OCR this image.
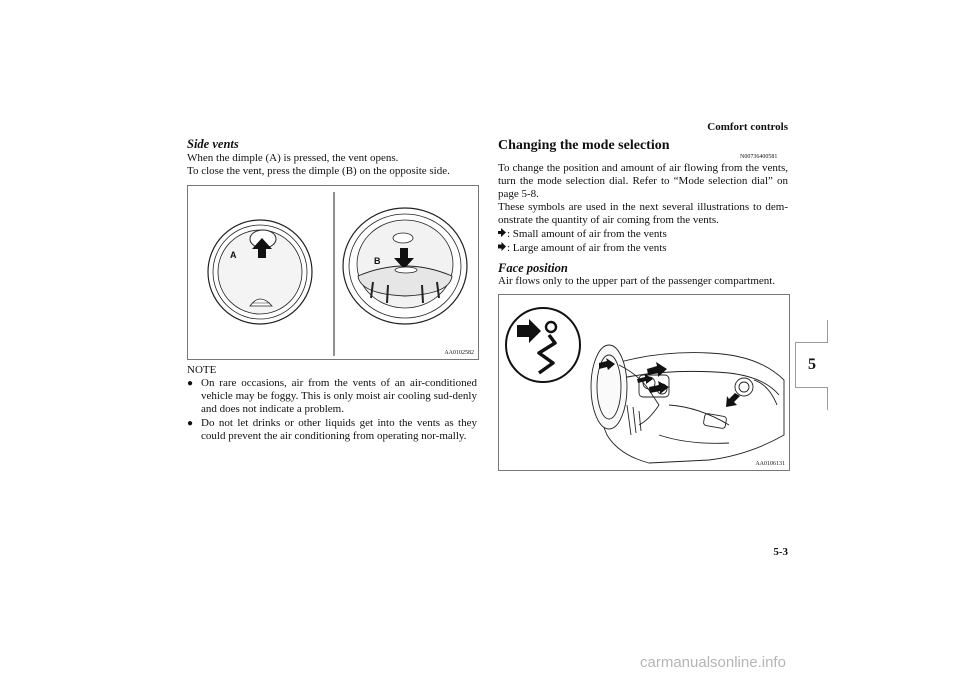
Comfort controls
5
Side vents
When the dimple (A) is pressed, the vent opens.
To close the vent, press the dimple (B) on the opposite side.
A
B
AA0102582
NOTE
● On rare occasions, air from the vents of an air-conditioned vehicle may be foggy. This is only moist air cooling sud-denly and does not indicate a problem.
● Do not let drinks or other liquids get into the vents as they could prevent the air conditioning from operating nor-mally.
Changing the mode selection
N00736400581
To change the position and amount of air flowing from the vents, turn the mode selection dial. Refer to “Mode selection dial” on page 5-8.
These symbols are used in the next several illustrations to dem-onstrate the quantity of air coming from the vents.
: Small amount of air from the vents
: Large amount of air from the vents
Face position
Air flows only to the upper part of the passenger compartment.
AA0106131
5-3
carmanualsonline.info
